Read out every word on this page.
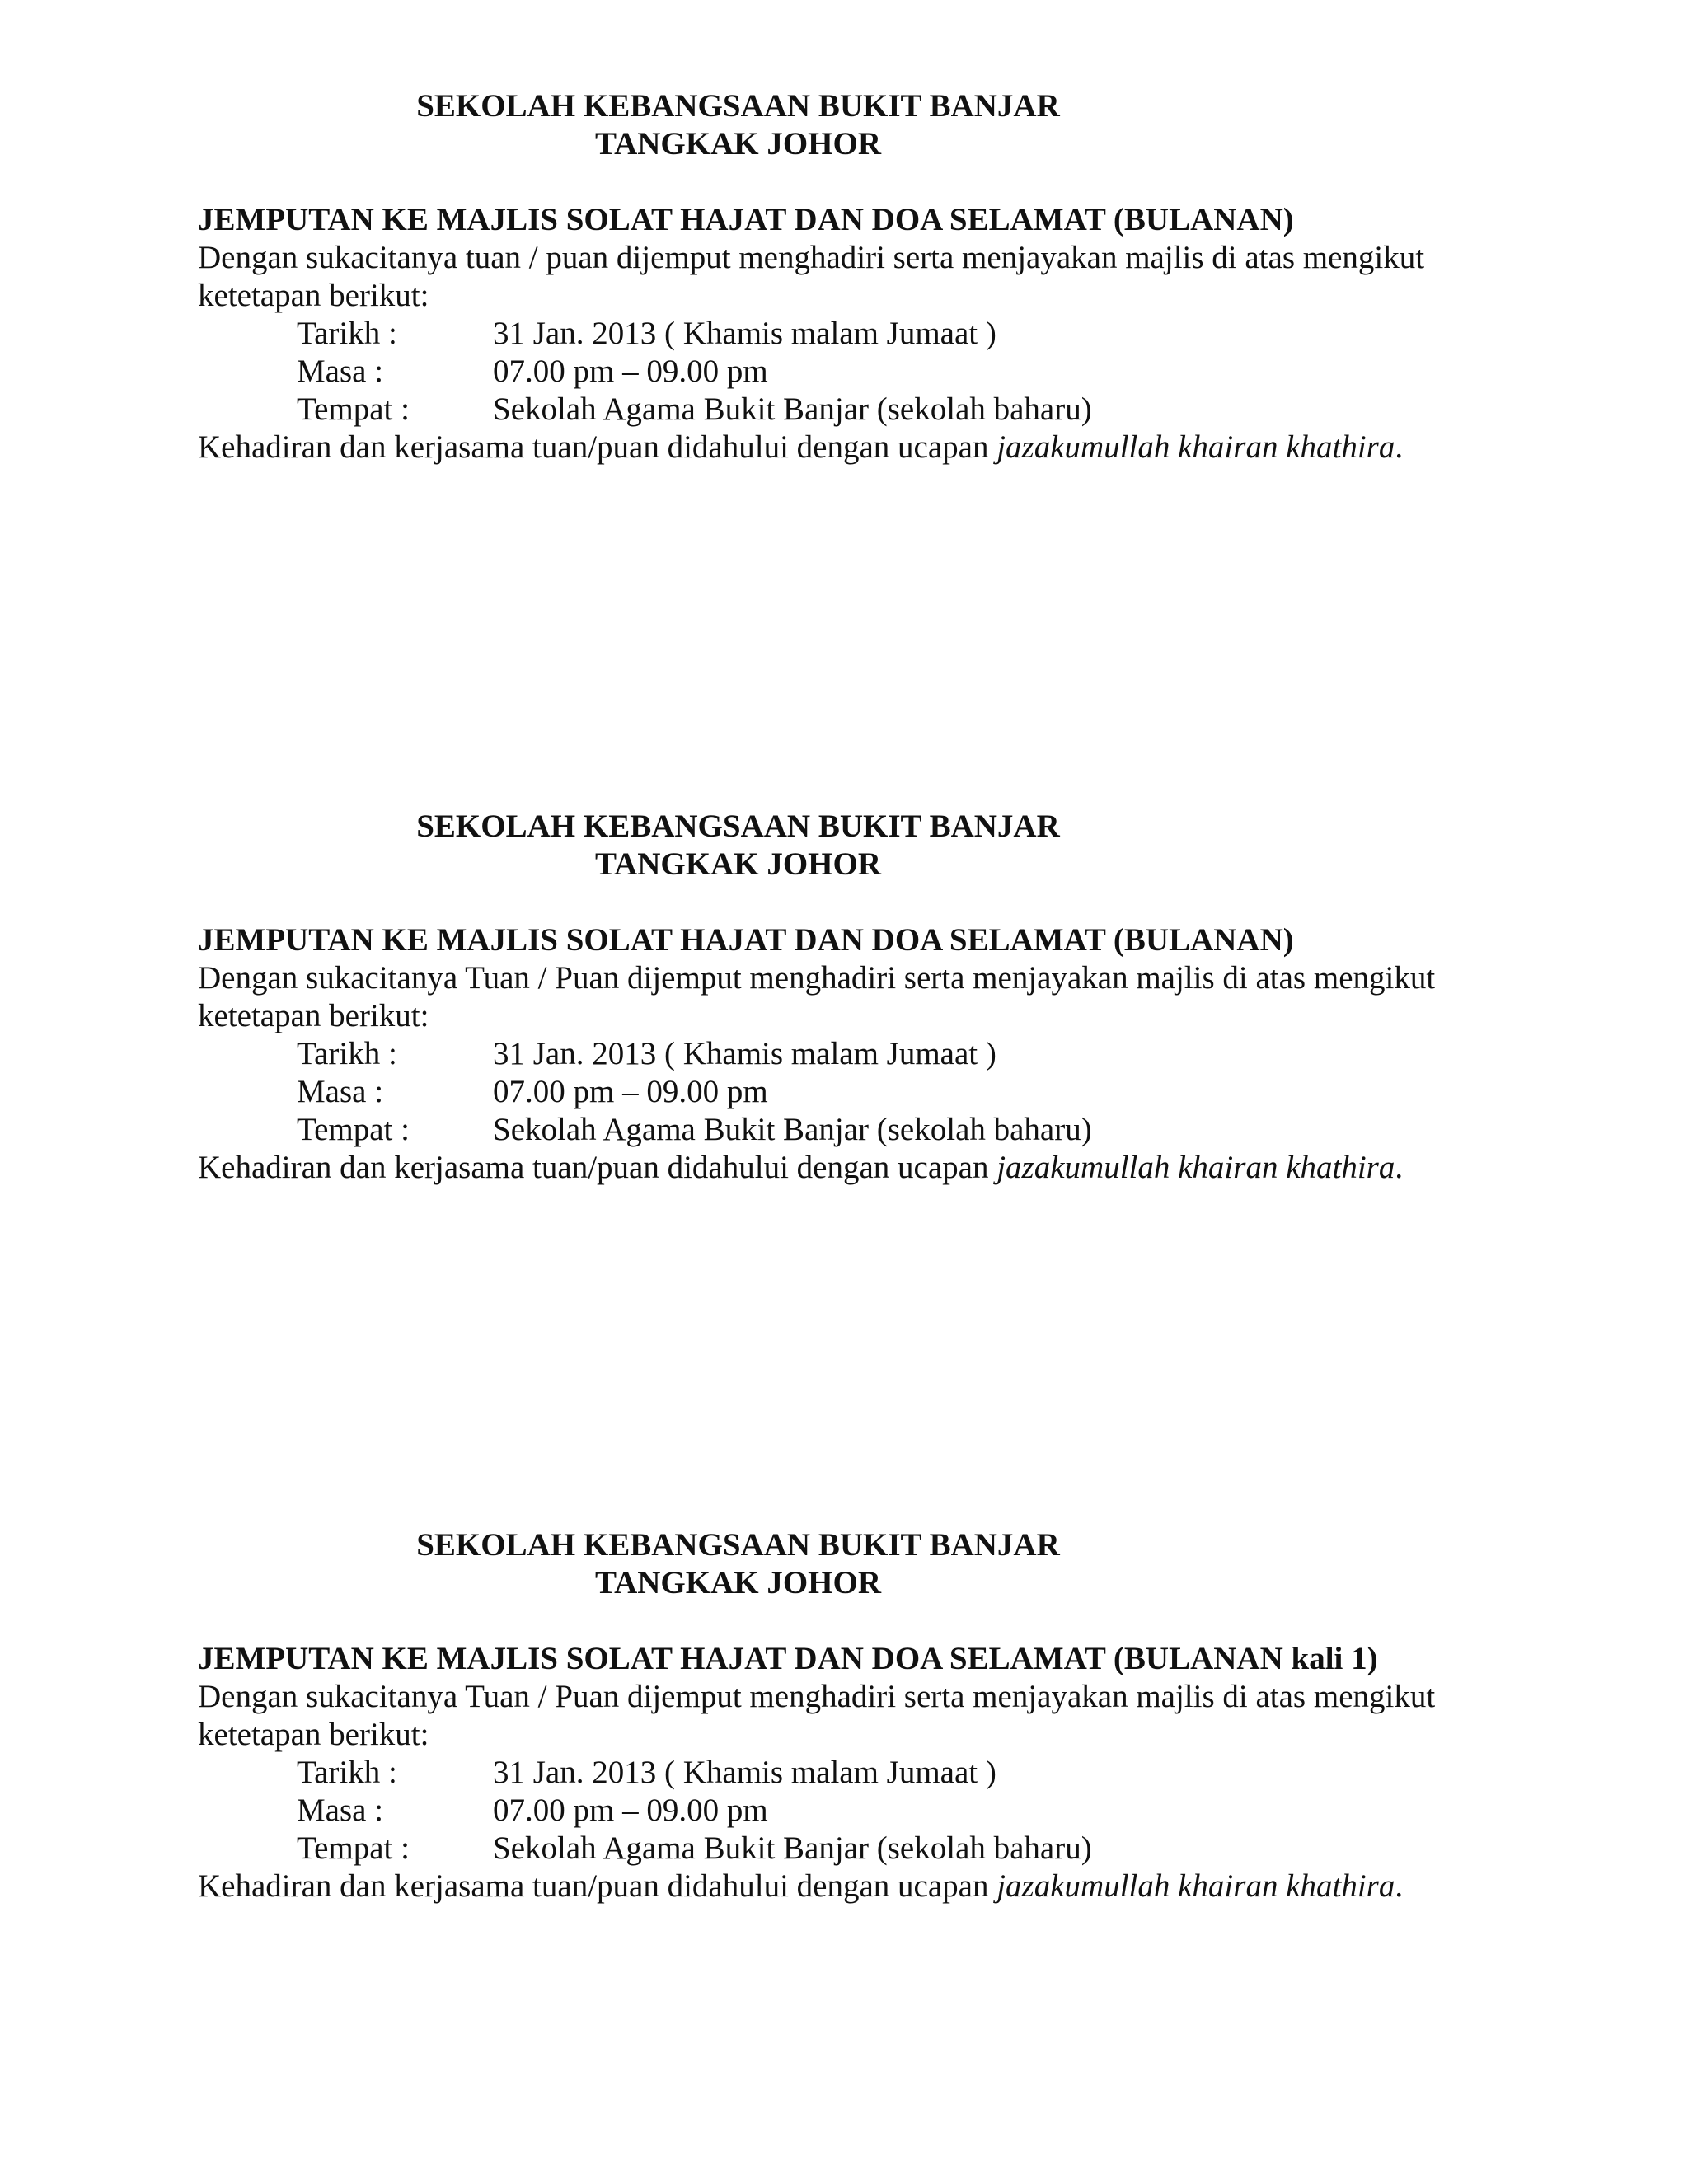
SEKOLAH KEBANGSAAN BUKIT BANJAR
TANGKAK JOHOR
JEMPUTAN KE MAJLIS SOLAT HAJAT DAN DOA SELAMAT (BULANAN)
Dengan sukacitanya tuan / puan dijemput menghadiri serta menjayakan majlis di atas mengikut ketetapan berikut:
Tarikh :	31 Jan. 2013 ( Khamis malam Jumaat )
Masa :	07.00 pm – 09.00 pm
Tempat :	Sekolah Agama Bukit Banjar (sekolah baharu)
Kehadiran dan kerjasama tuan/puan didahului dengan ucapan jazakumullah khairan khathira.
SEKOLAH KEBANGSAAN BUKIT BANJAR
TANGKAK JOHOR
JEMPUTAN KE MAJLIS SOLAT HAJAT DAN DOA SELAMAT (BULANAN)
Dengan sukacitanya Tuan / Puan dijemput menghadiri serta menjayakan majlis di atas mengikut ketetapan berikut:
Tarikh :	31 Jan. 2013 ( Khamis malam Jumaat )
Masa :	07.00 pm – 09.00 pm
Tempat :	Sekolah Agama Bukit Banjar (sekolah baharu)
Kehadiran dan kerjasama tuan/puan didahului dengan ucapan jazakumullah khairan khathira.
SEKOLAH KEBANGSAAN BUKIT BANJAR
TANGKAK JOHOR
JEMPUTAN KE MAJLIS SOLAT HAJAT DAN DOA SELAMAT (BULANAN kali 1)
Dengan sukacitanya Tuan / Puan dijemput menghadiri serta menjayakan majlis di atas mengikut ketetapan berikut:
Tarikh :	31 Jan. 2013 ( Khamis malam Jumaat )
Masa :	07.00 pm – 09.00 pm
Tempat :	Sekolah Agama Bukit Banjar (sekolah baharu)
Kehadiran dan kerjasama tuan/puan didahului dengan ucapan jazakumullah khairan khathira.
